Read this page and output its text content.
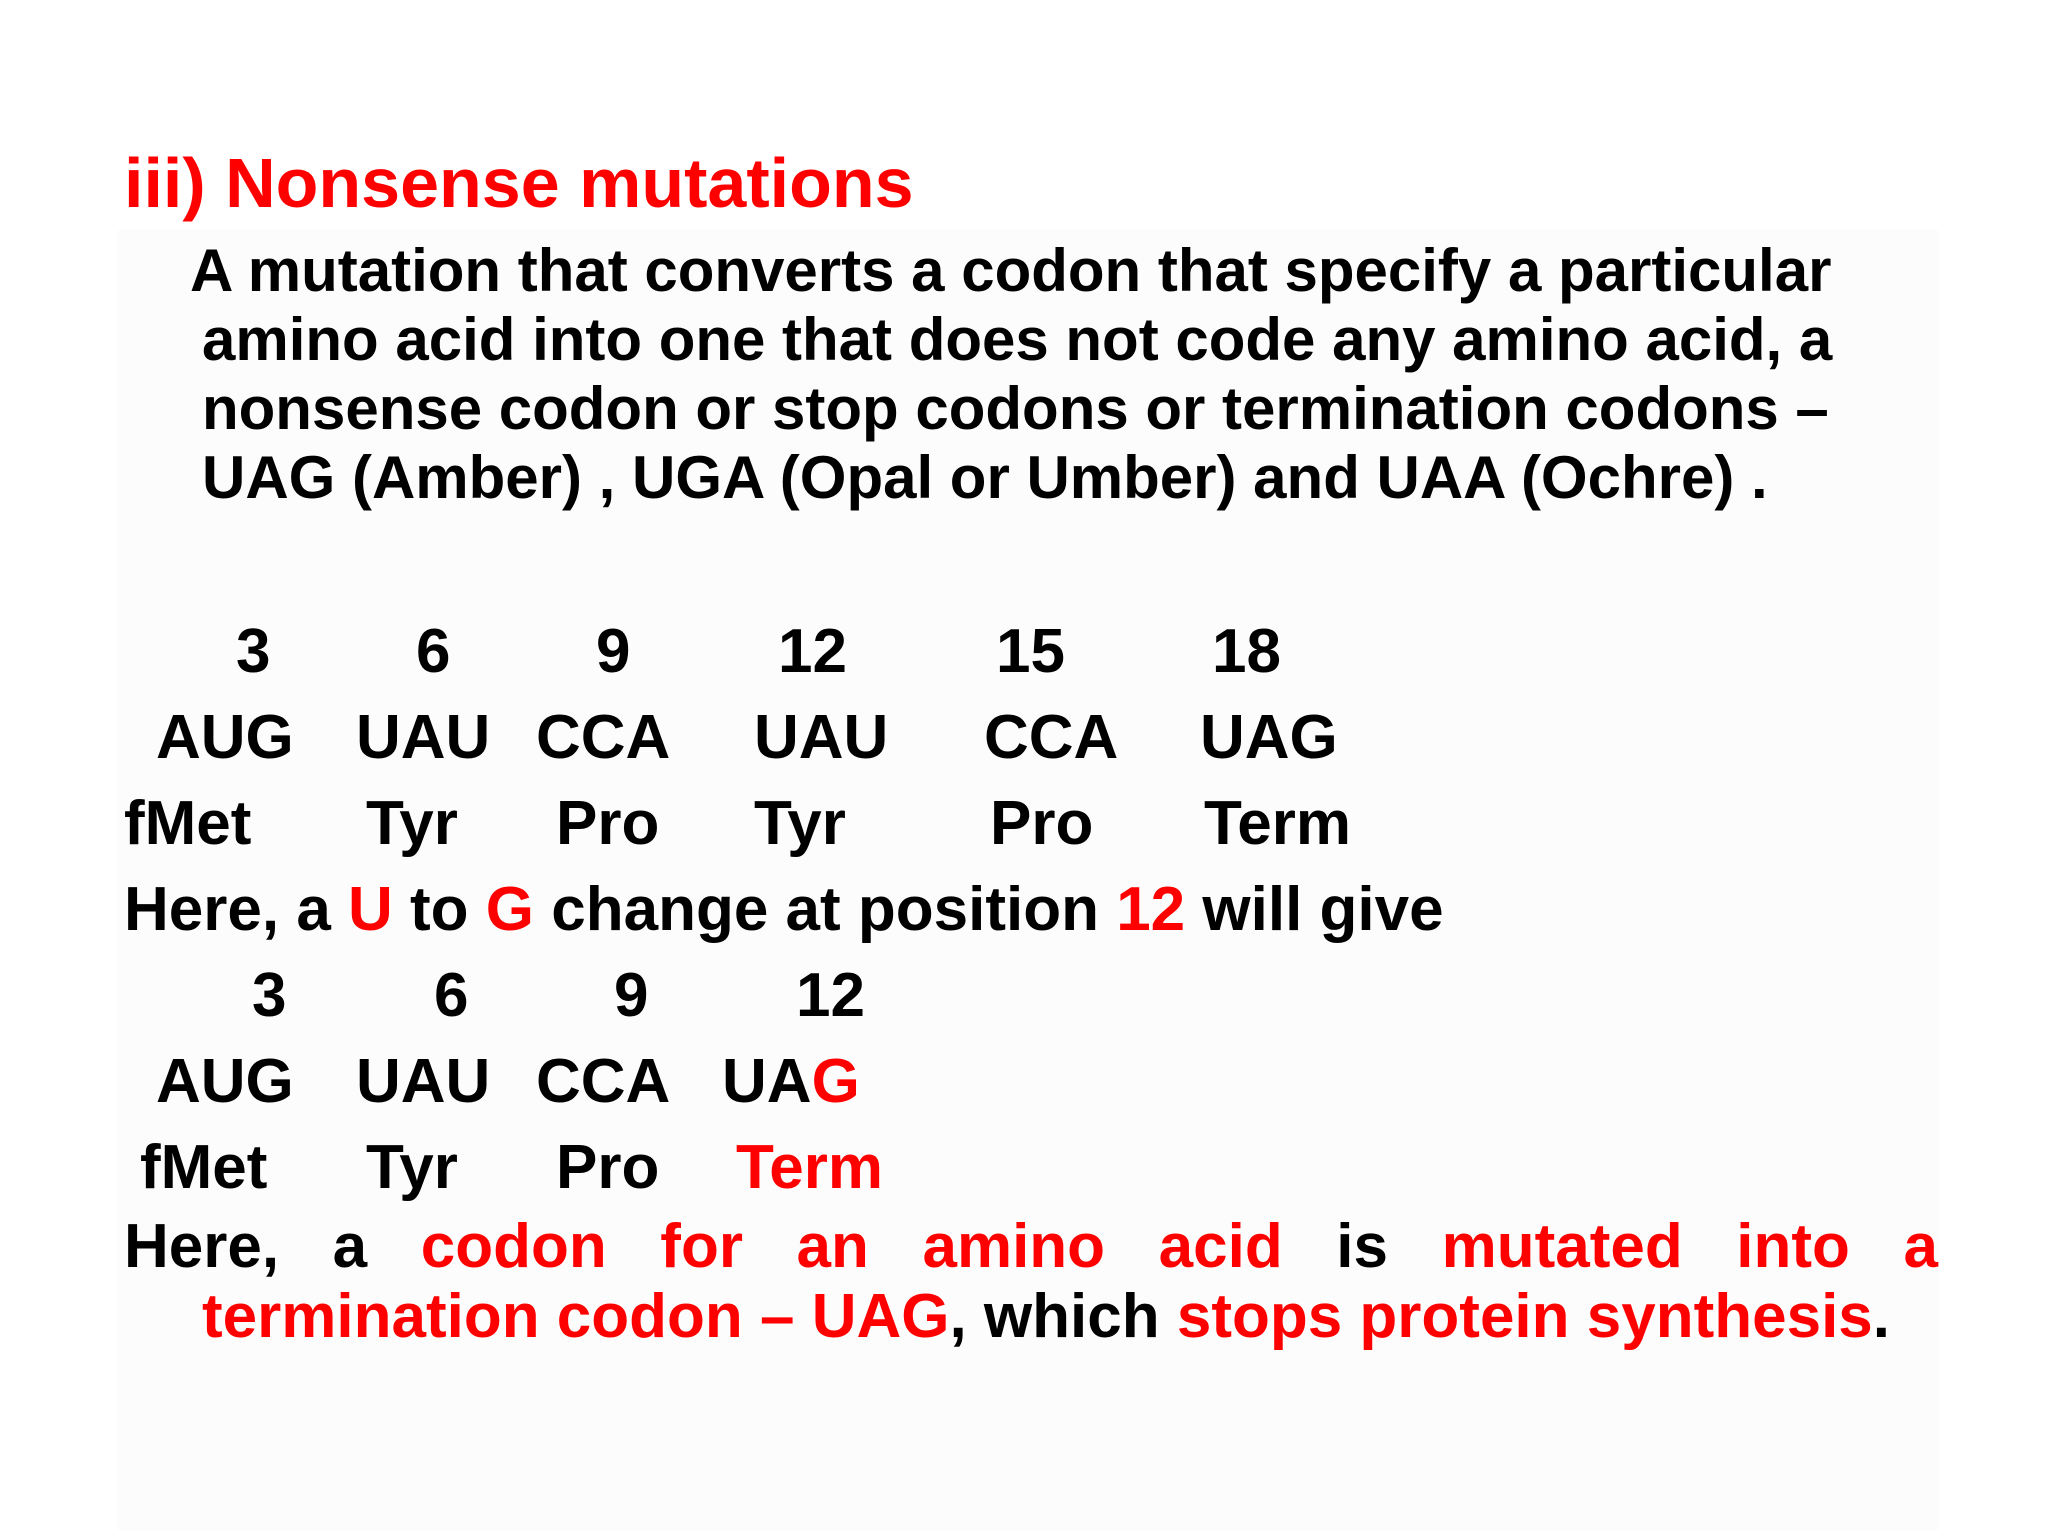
iii) Nonsense mutations
A mutation that converts a codon that specify a particular
amino acid into one that does not code any amino acid, a
nonsense codon or stop codons or termination codons –
UAG (Amber) , UGA (Opal or Umber) and UAA (Ochre) .
3 6 9 12 15 18
AUG UAU CCA UAU CCA UAG
fMet Tyr Pro Tyr Pro Term
Here, a U to G change at position 12 will give
3 6 9 12
AUG UAU CCA UAG
fMet Tyr Pro Term
Here, a codon for an amino acid is mutated into a
termination codon – UAG, which stops protein synthesis.
